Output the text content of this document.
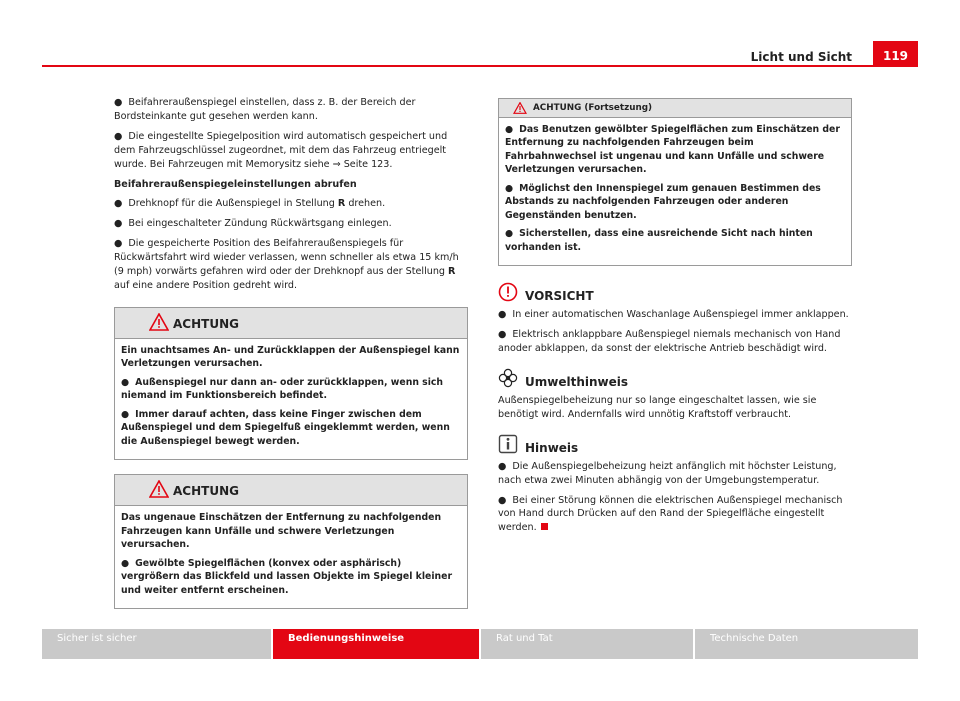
Licht und Sicht	119

● Beifahreraußenspiegel einstellen, dass z. B. der Bereich der Bordsteinkante gut gesehen werden kann.

● Die eingestellte Spiegelposition wird automatisch gespeichert und dem Fahrzeugschlüssel zugeordnet, mit dem das Fahrzeug entriegelt wurde. Bei Fahrzeugen mit Memorysitz siehe ⇒ Seite 123.

Beifahreraußenspiegeleinstellungen abrufen

● Drehknopf für die Außenspiegel in Stellung R drehen.

● Bei eingeschalteter Zündung Rückwärtsgang einlegen.

● Die gespeicherte Position des Beifahreraußenspiegels für Rückwärtsfahrt wird wieder verlassen, wenn schneller als etwa 15 km/h (9 mph) vorwärts gefahren wird oder der Drehknopf aus der Stellung R auf eine andere Position gedreht wird.

ACHTUNG

Ein unachtsames An- und Zurückklappen der Außenspiegel kann Verletzungen verursachen.

● Außenspiegel nur dann an- oder zurückklappen, wenn sich niemand im Funktionsbereich befindet.

● Immer darauf achten, dass keine Finger zwischen dem Außenspiegel und dem Spiegelfuß eingeklemmt werden, wenn die Außenspiegel bewegt werden.

ACHTUNG

Das ungenaue Einschätzen der Entfernung zu nachfolgenden Fahrzeugen kann Unfälle und schwere Verletzungen verursachen.

● Gewölbte Spiegelflächen (konvex oder asphärisch) vergrößern das Blickfeld und lassen Objekte im Spiegel kleiner und weiter entfernt erscheinen.

ACHTUNG (Fortsetzung)

● Das Benutzen gewölbter Spiegelflächen zum Einschätzen der Entfernung zu nachfolgenden Fahrzeugen beim Fahrbahnwechsel ist ungenau und kann Unfälle und schwere Verletzungen verursachen.

● Möglichst den Innenspiegel zum genauen Bestimmen des Abstands zu nachfolgenden Fahrzeugen oder anderen Gegenständen benutzen.

● Sicherstellen, dass eine ausreichende Sicht nach hinten vorhanden ist.

VORSICHT

● In einer automatischen Waschanlage Außenspiegel immer anklappen.

● Elektrisch anklappbare Außenspiegel niemals mechanisch von Hand anoder abklappen, da sonst der elektrische Antrieb beschädigt wird.

Umwelthinweis

Außenspiegelbeheizung nur so lange eingeschaltet lassen, wie sie benötigt wird. Andernfalls wird unnötig Kraftstoff verbraucht.

Hinweis

● Die Außenspiegelbeheizung heizt anfänglich mit höchster Leistung, nach etwa zwei Minuten abhängig von der Umgebungstemperatur.

● Bei einer Störung können die elektrischen Außenspiegel mechanisch von Hand durch Drücken auf den Rand der Spiegelfläche eingestellt werden.

Sicher ist sicher	Bedienungshinweise	Rat und Tat	Technische Daten
